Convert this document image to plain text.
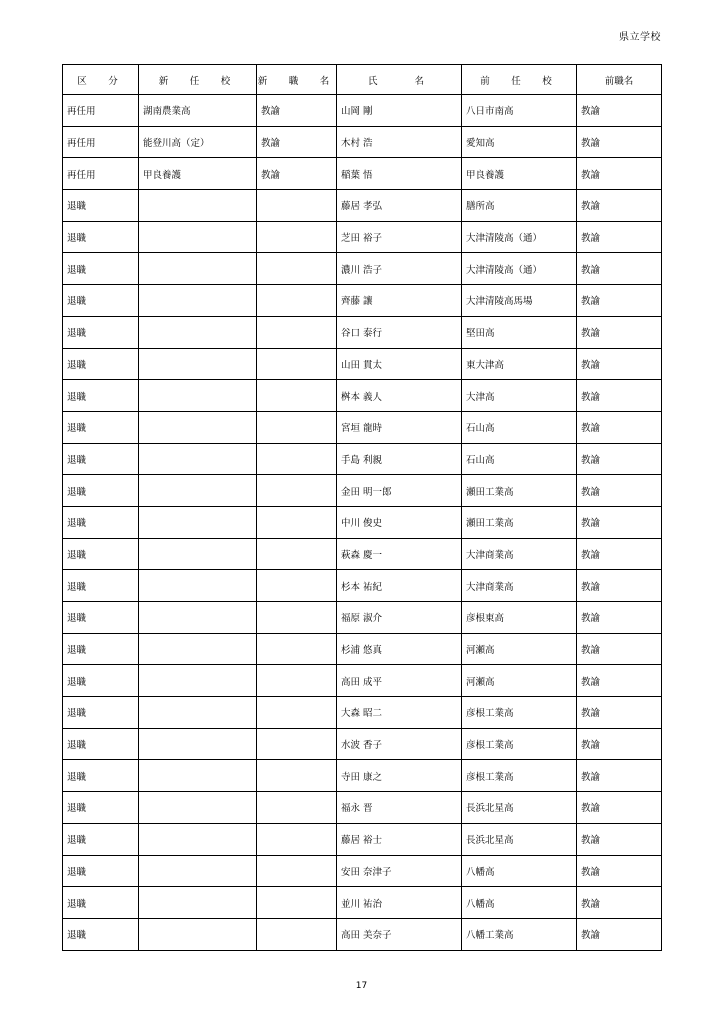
県立学校
区　分	新　任　校	新　職　名	氏　　名	前　任　校	前職名
再任用	湖南農業高	教諭	山岡 剛	八日市南高	教諭
再任用	能登川高（定）	教諭	木村 浩	愛知高	教諭
再任用	甲良養護	教諭	稲葉 悟	甲良養護	教諭
退職			藤居 孝弘	膳所高	教諭
退職			芝田 裕子	大津清陵高（通）	教諭
退職			濃川 浩子	大津清陵高（通）	教諭
退職			齊藤 讓	大津清陵高馬場	教諭
退職			谷口 泰行	堅田高	教諭
退職			山田 貫太	東大津高	教諭
退職			桝本 義人	大津高	教諭
退職			宮垣 龍時	石山高	教諭
退職			手島 利親	石山高	教諭
退職			金田 明一郎	瀬田工業高	教諭
退職			中川 俊史	瀬田工業高	教諭
退職			萩森 慶一	大津商業高	教諭
退職			杉本 祐紀	大津商業高	教諭
退職			福原 淑介	彦根東高	教諭
退職			杉浦 悠真	河瀬高	教諭
退職			高田 成平	河瀬高	教諭
退職			大森 昭二	彦根工業高	教諭
退職			水波 香子	彦根工業高	教諭
退職			寺田 康之	彦根工業高	教諭
退職			福永 晋	長浜北星高	教諭
退職			藤居 裕士	長浜北星高	教諭
退職			安田 奈津子	八幡高	教諭
退職			並川 祐治	八幡高	教諭
退職			高田 美奈子	八幡工業高	教諭
17
